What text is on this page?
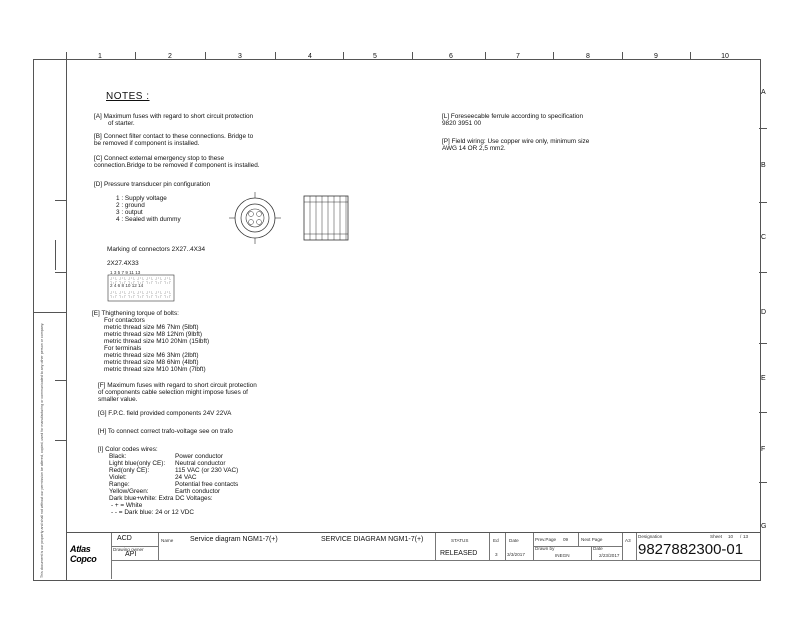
1	2	3	4	5	6	7	8	9	10
A
B
C
D
E
F
G
NOTES :
[A] Maximum fuses with regard to short circuit protection
of starter.
[B] Connect filter contact to these connections. Bridge to
be removed if component is installed.
[C] Connect external emergency stop to these
connection.Bridge to be removed if component is installed.
[D] Pressure transducer pin configuration
1 : Supply voltage
2 : ground
3 : output
4 : Sealed with dummy
Marking of connectors 2X27..4X34
2X27.4X33
1 3 5 7 9 11 13
2 4 6 8 10 12 14
[E] Thigthening torque of bolts:
For contactors
metric thread size M6 7Nm (5lbft)
metric thread size M8 12Nm (9lbft)
metric thread size M10 20Nm (15lbft)
For terminals
metric thread size M6 3Nm (2lbft)
metric thread size M8 6Nm (4lbft)
metric thread size M10 10Nm (7lbft)
[F] Maximum fuses with regard to short circuit protection
of components cable selection might impose fuses of
smaller value.
[G] F.P.C. field provided components 24V 22VA
[H] To connect correct trafo-voltage see on trafo
[I] Color codes wires:
Black:	Power conductor
Light blue(only CE): Neutral conductor
Red(only CE):	115 VAC (or 230 VAC)
Violet:	24 VAC
Range:	Potential free contacts
Yellow/Green:	Earth conductor
Dark blue+white: Extra DC Voltages:
- + = White
- - = Dark blue: 24 or 12 VDC
[L] Foreseecable ferrule according to specification
9820 3951 00
[P] Field wiring: Use copper wire only, minimum size
AWG 14 OR 2,5 mm2.
This document is our property and shall not without our permission be altered, copied, used for manufacturing or communicated to any other person or company.	Atlas Copco
ACD
Drawing owner
API
Name Service diagram NGM1-7(+)	SERVICE DIAGRAM NGM1-7(+)	STATUS
RELEASED
Ed
3
Date
3/3/2017
Prev.Page 09	Next Page
Drawn by
INEGN
Date
2/23/2017
A3
Designation	Sheet 10 / 13
9827882300-01
